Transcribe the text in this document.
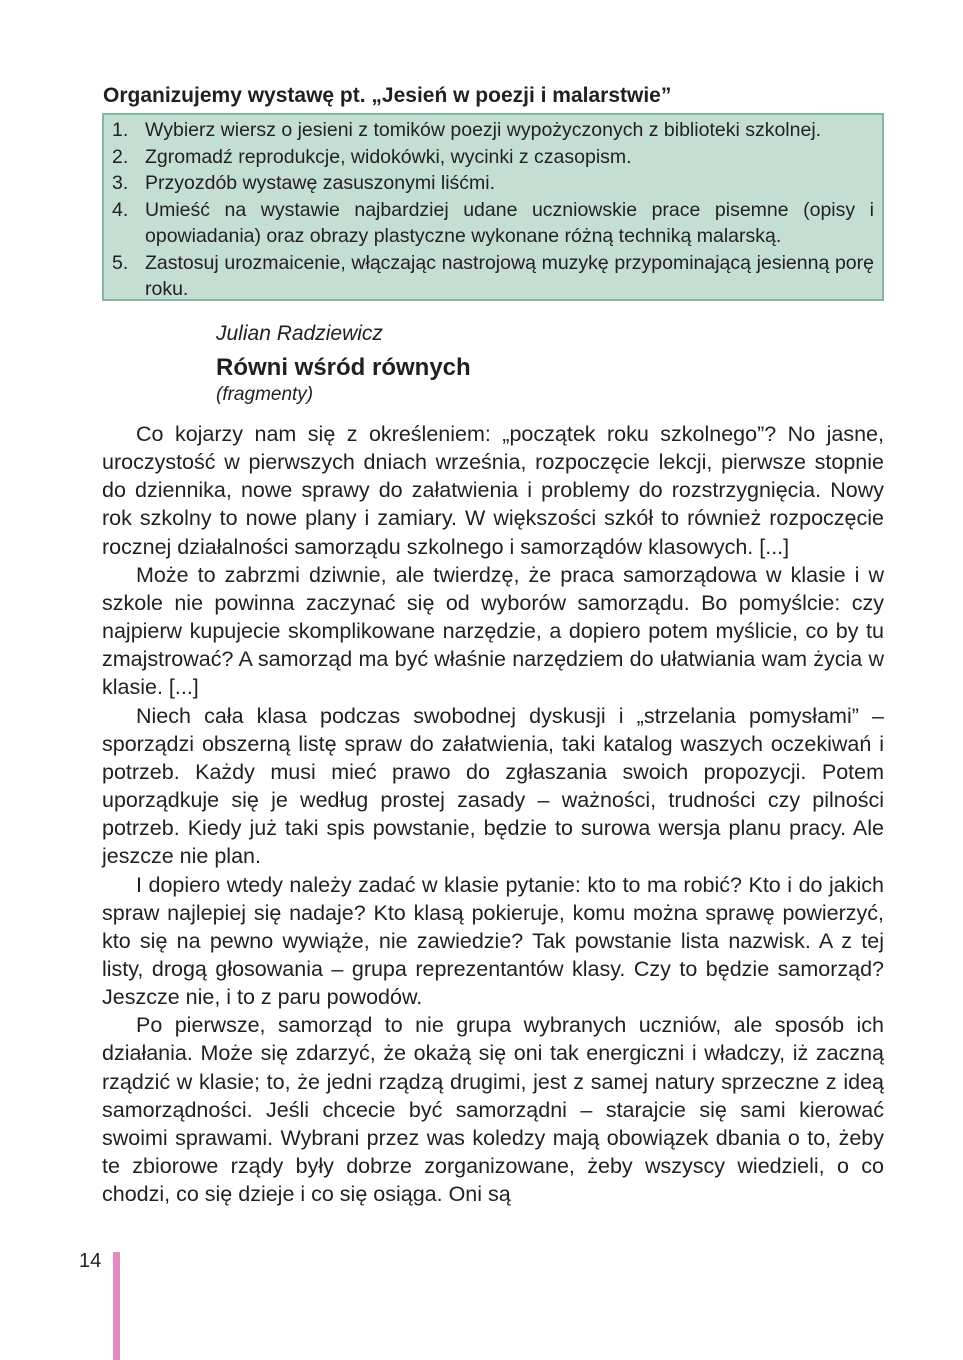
Organizujemy wystawę pt. „Jesień w poezji i malarstwie”
1. Wybierz wiersz o jesieni z tomików poezji wypożyczonych z biblioteki szkolnej.
2. Zgromadź reprodukcje, widokówki, wycinki z czasopism.
3. Przyozdób wystawę zasuszonymi liśćmi.
4. Umieść na wystawie najbardziej udane uczniowskie prace pisemne (opisy i opowiadania) oraz obrazy plastyczne wykonane różną techniką malarską.
5. Zastosuj urozmaicenie, włączając nastrojową muzykę przypominającą jesienną porę roku.
Julian Radziewicz
Równi wśród równych
(fragmenty)

Co kojarzy nam się z określeniem: „początek roku szkolnego”? No jasne, uroczystość w pierwszych dniach września, rozpoczęcie lekcji, pierwsze stopnie do dziennika, nowe sprawy do załatwienia i problemy do rozstrzygnięcia. Nowy rok szkolny to nowe plany i zamiary. W większości szkół to również rozpoczęcie rocznej działalności samorządu szkolnego i samorządów klasowych. [...]

Może to zabrzmi dziwnie, ale twierdzę, że praca samorządowa w klasie i w szkole nie powinna zaczynać się od wyborów samorządu. Bo pomyślcie: czy najpierw kupujecie skomplikowane narzędzie, a dopiero potem myślicie, co by tu zmajstrować? A samorząd ma być właśnie narzędziem do ułatwiania wam życia w klasie. [...]

Niech cała klasa podczas swobodnej dyskusji i „strzelania pomysłami” – sporządzi obszerną listę spraw do załatwienia, taki katalog waszych oczekiwań i potrzeb. Każdy musi mieć prawo do zgłaszania swoich propozycji. Potem uporządkuje się je według prostej zasady – ważności, trudności czy pilności potrzeb. Kiedy już taki spis powstanie, będzie to surowa wersja planu pracy. Ale jeszcze nie plan.

I dopiero wtedy należy zadać w klasie pytanie: kto to ma robić? Kto i do jakich spraw najlepiej się nadaje? Kto klasą pokieruje, komu można sprawę powierzyć, kto się na pewno wywiąże, nie zawiedzie? Tak powstanie lista nazwisk. A z tej listy, drogą głosowania – grupa reprezentantów klasy. Czy to będzie samorząd? Jeszcze nie, i to z paru powodów.

Po pierwsze, samorząd to nie grupa wybranych uczniów, ale sposób ich działania. Może się zdarzyć, że okażą się oni tak energiczni i władczy, iż zaczną rządzić w klasie; to, że jedni rządzą drugimi, jest z samej natury sprzeczne z ideą samorządności. Jeśli chcecie być samorządni – starajcie się sami kierować swoimi sprawami. Wybrani przez was koledzy mają obowiązek dbania o to, żeby te zbiorowe rządy były dobrze zorganizowane, żeby wszyscy wiedzieli, o co chodzi, co się dzieje i co się osiąga. Oni są

14
